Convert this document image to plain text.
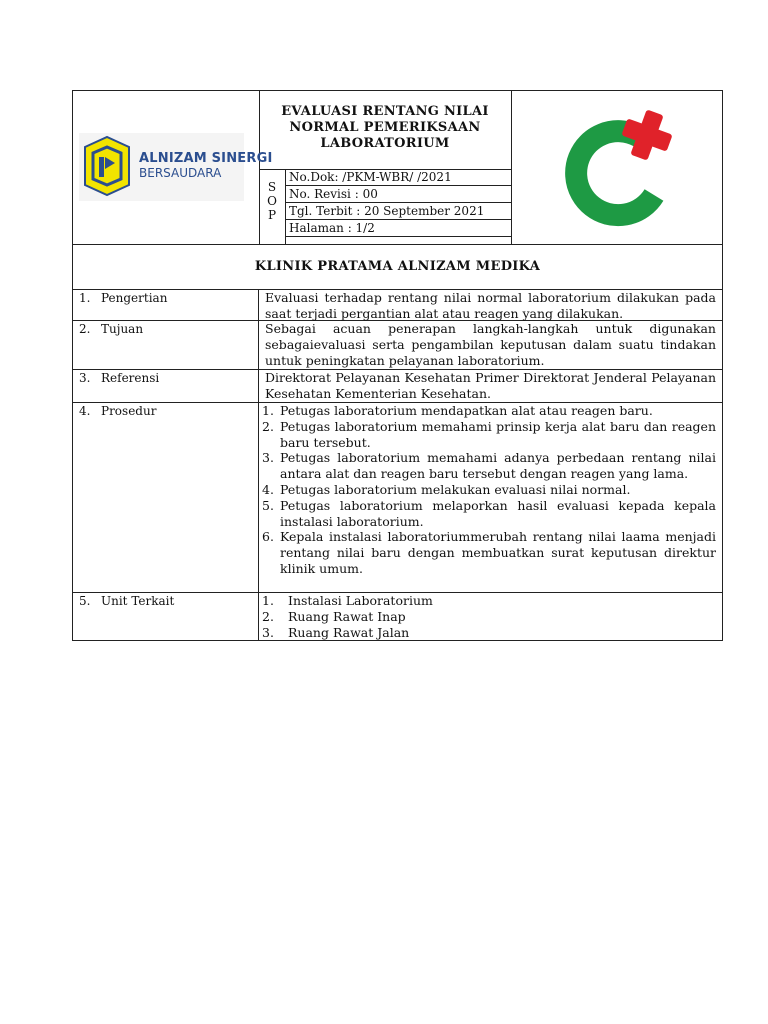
ALNIZAM SINERGI
BERSAUDARA
EVALUASI RENTANG NILAI
NORMAL PEMERIKSAAN
LABORATORIUM
S
O
P
No.Dok: /PKM-WBR/ /2021
No. Revisi : 00
Tgl. Terbit : 20 September 2021
Halaman : 1/2
KLINIK PRATAMA ALNIZAM MEDIKA
1. Pengertian	Evaluasi terhadap rentang nilai normal laboratorium dilakukan pada saat terjadi pergantian alat atau reagen yang dilakukan.

2. Tujuan	Sebagai acuan penerapan langkah-langkah untuk digunakan sebagaievaluasi serta pengambilan keputusan dalam suatu tindakan untuk peningkatan pelayanan laboratorium.

3. Referensi	Direktorat Pelayanan Kesehatan Primer Direktorat Jenderal Pelayanan Kesehatan Kementerian Kesehatan.

4. Prosedur	1. Petugas laboratorium mendapatkan alat atau reagen baru.
2. Petugas laboratorium memahami prinsip kerja alat baru dan reagen baru tersebut.
3. Petugas laboratorium memahami adanya perbedaan rentang nilai antara alat dan reagen baru tersebut dengan reagen yang lama.
4. Petugas laboratorium melakukan evaluasi nilai normal.
5. Petugas laboratorium melaporkan hasil evaluasi kepada kepala instalasi laboratorium.
6. Kepala instalasi laboratoriummerubah rentang nilai laama menjadi rentang nilai baru dengan membuatkan surat keputusan direktur klinik umum.
5. Unit Terkait	1. Instalasi Laboratorium
2. Ruang Rawat Inap
3. Ruang Rawat Jalan
